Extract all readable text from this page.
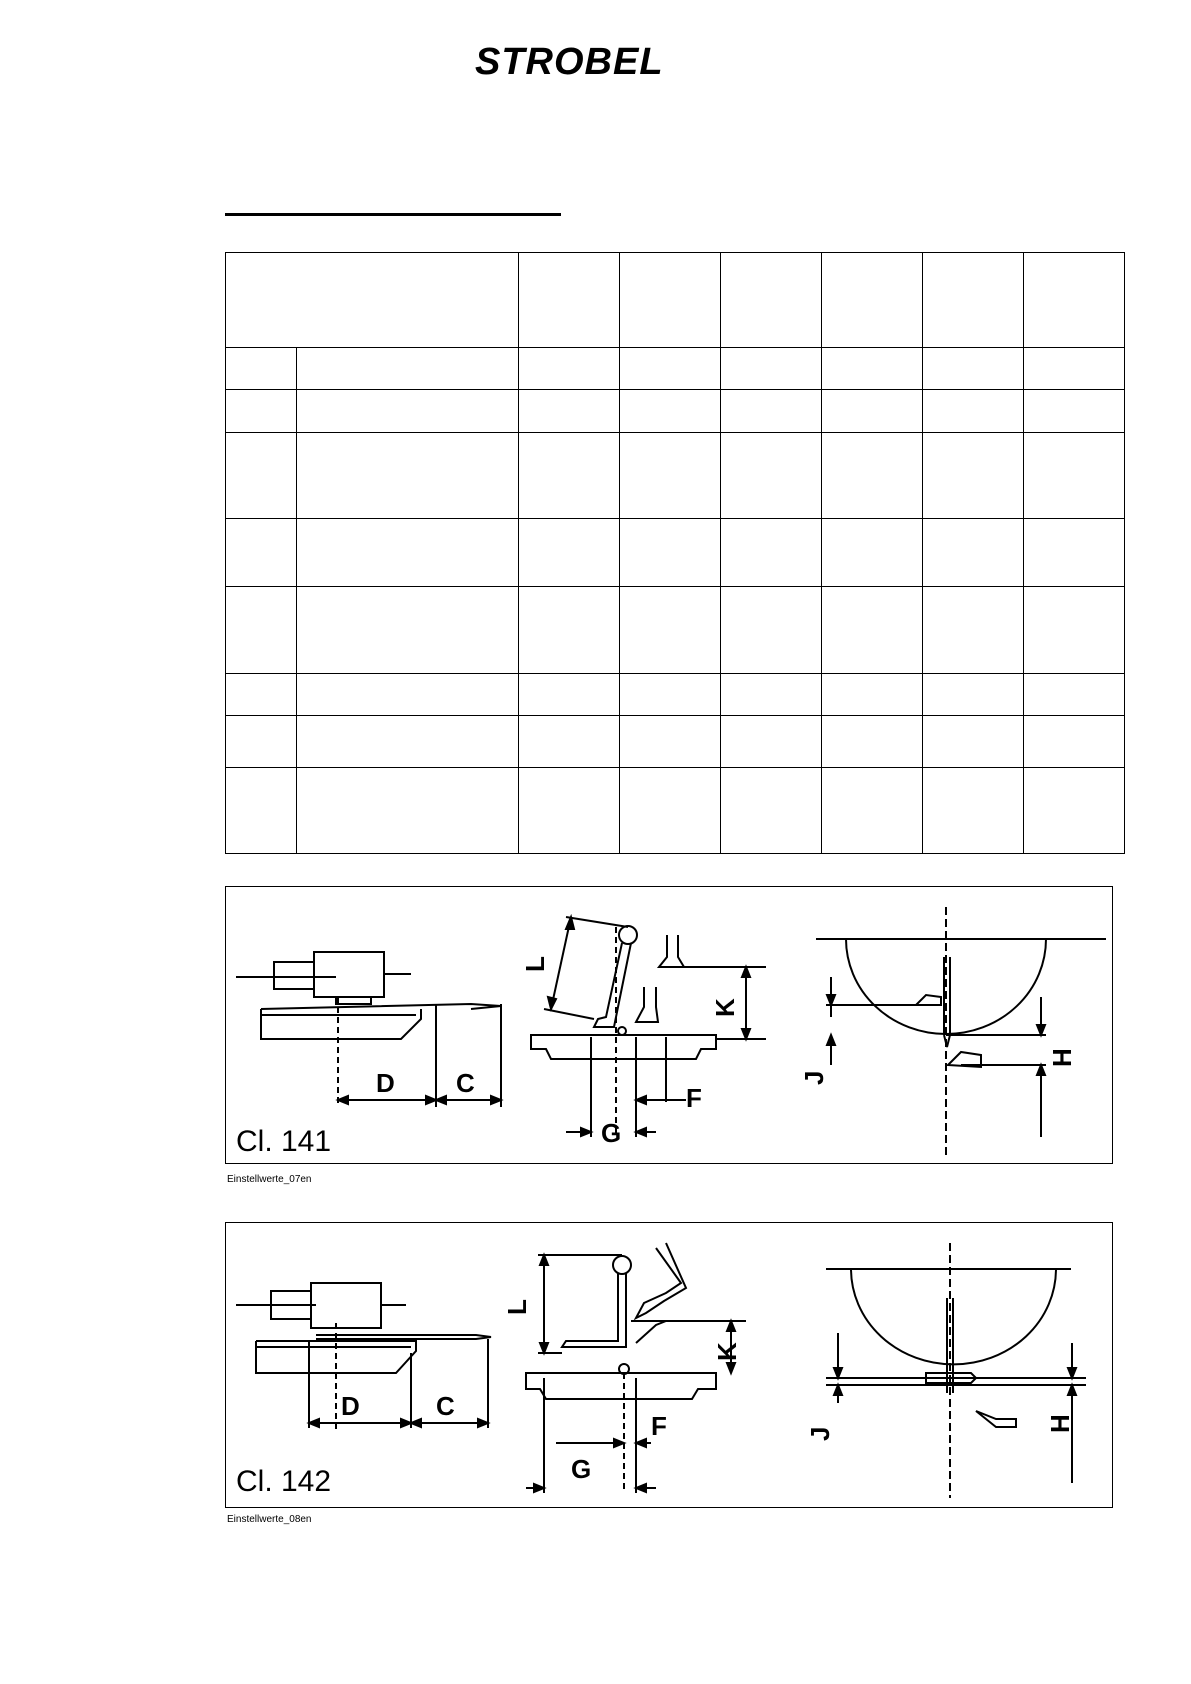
STROBEL

D C
L
K
G
F
J
H
Cl. 141
Einstellwerte_07en
D	C
L
K
G
F	J
H
Cl. 142
Einstellwerte_08en
